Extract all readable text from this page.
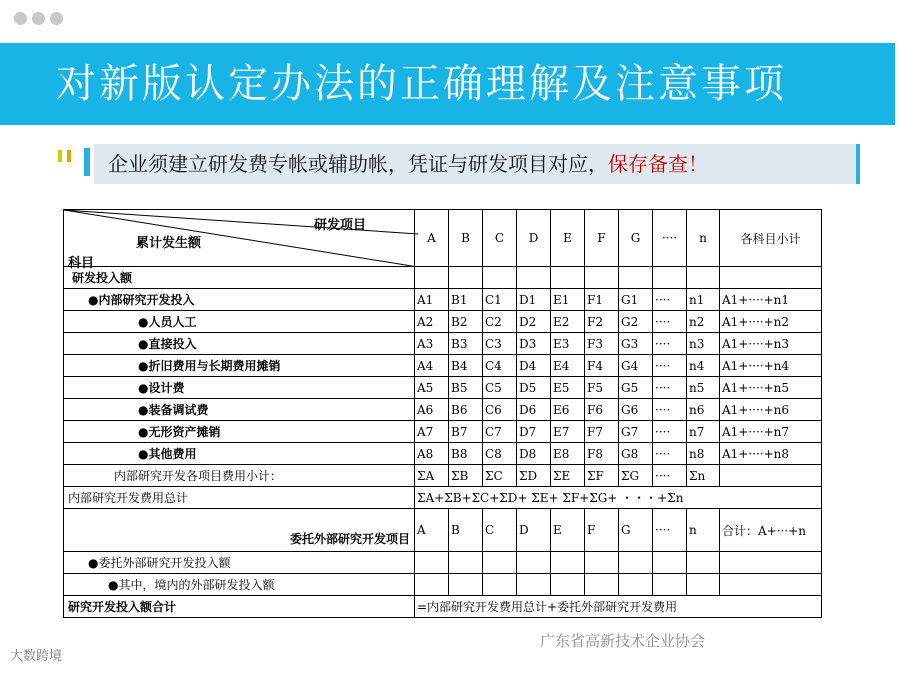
对新版认定办法的正确理解及注意事项
企业须建立研发费专帐或辅助帐，凭证与研发项目对应，保存备查！
研发项目
累计发生额
科目	A	B	C	D	E	F	G	····	n	各科目小计
研发投入额										
●内部研究开发投入	A1	B1	C1	D1	E1	F1	G1	····	n1	A1+····+n1
●人员人工	A2	B2	C2	D2	E2	F2	G2	····	n2	A1+····+n2
●直接投入	A3	B3	C3	D3	E3	F3	G3	····	n3	A1+····+n3
●折旧费用与长期费用摊销	A4	B4	C4	D4	E4	F4	G4	····	n4	A1+····+n4
●设计费	A5	B5	C5	D5	E5	F5	G5	····	n5	A1+····+n5
●装备调试费	A6	B6	C6	D6	E6	F6	G6	····	n6	A1+····+n6
●无形资产摊销	A7	B7	C7	D7	E7	F7	G7	····	n7	A1+····+n7
●其他费用	A8	B8	C8	D8	E8	F8	G8	····	n8	A1+····+n8
内部研究开发各项目费用小计：	ΣA	ΣB	ΣC	ΣD	ΣE	ΣF	ΣG	····	Σn	
内部研究开发费用总计	ΣA+ΣB+ΣC+ΣD+ ΣE+ ΣF+ΣG+ ・・・+Σn									
委托外部研究开发项目	A	B	C	D	E	F	G	····	n	合计：A+···+n
●委托外部研究开发投入额										
●其中，境内的外部研发投入额										
研究开发投入额合计	=内部研究开发费用总计+委托外部研究开发费用									
大数跨境
广东省高新技术企业协会
